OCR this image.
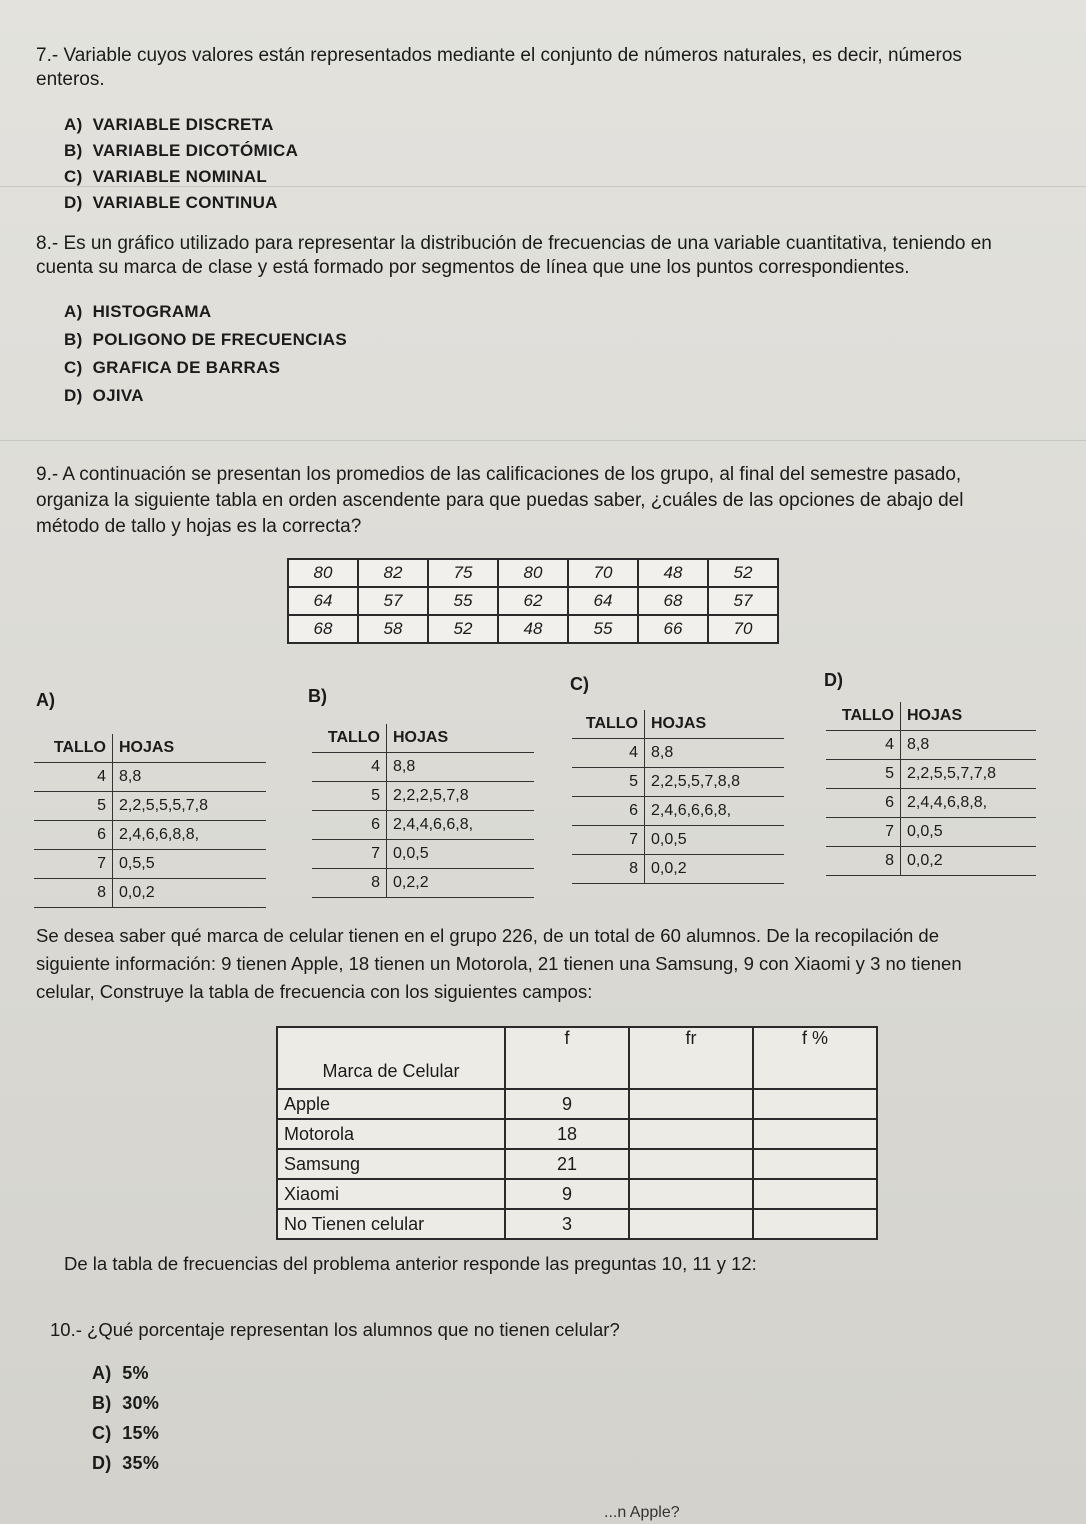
7.- Variable cuyos valores están representados mediante el conjunto de números naturales, es decir, números
enteros.
A) VARIABLE DISCRETA
B) VARIABLE DICOTÓMICA
C) VARIABLE NOMINAL
D) VARIABLE CONTINUA
8.- Es un gráfico utilizado para representar la distribución de frecuencias de una variable cuantitativa, teniendo en
cuenta su marca de clase y está formado por segmentos de línea que une los puntos correspondientes.
A) HISTOGRAMA
B) POLIGONO DE FRECUENCIAS
C) GRAFICA DE BARRAS
D) OJIVA
9.- A continuación se presentan los promedios de las calificaciones de los grupo, al final del semestre pasado,
organiza la siguiente tabla en orden ascendente para que puedas saber, ¿cuáles de las opciones de abajo del
método de tallo y hojas es la correcta?
80	82	75	80	70	48	52
64	57	55	62	64	68	57
68	58	52	48	55	66	70
A)	B)
C)	D)
TALLO HOJAS
4 8,8
5 2,2,5,5,5,7,8
6 2,4,6,6,8,8,
7 0,5,5
8 0,0,2
TALLO HOJAS
4 8,8
5 2,2,2,5,7,8
6 2,4,4,6,6,8,
7 0,0,5
8 0,2,2
TALLO HOJAS
4 8,8
5 2,2,5,5,7,8,8
6 2,4,6,6,6,8,
7 0,0,5
8 0,0,2
TALLO HOJAS
4 8,8
5 2,2,5,5,7,7,8
6 2,4,4,6,8,8,
7 0,0,5
8 0,0,2
Se desea saber qué marca de celular tienen en el grupo 226, de un total de 60 alumnos. De la recopilación de
siguiente información: 9 tienen Apple, 18 tienen un Motorola, 21 tienen una Samsung, 9 con Xiaomi y 3 no tienen
celular, Construye la tabla de frecuencia con los siguientes campos:
Marca de Celular	f	fr	f %
Apple	9		
Motorola	18		
Samsung	21		
Xiaomi	9		
No Tienen celular	3		
De la tabla de frecuencias del problema anterior responde las preguntas 10, 11 y 12:
10.- ¿Qué porcentaje representan los alumnos que no tienen celular?
A) 5%
B) 30%
C) 15%
D) 35%
...n Apple?
